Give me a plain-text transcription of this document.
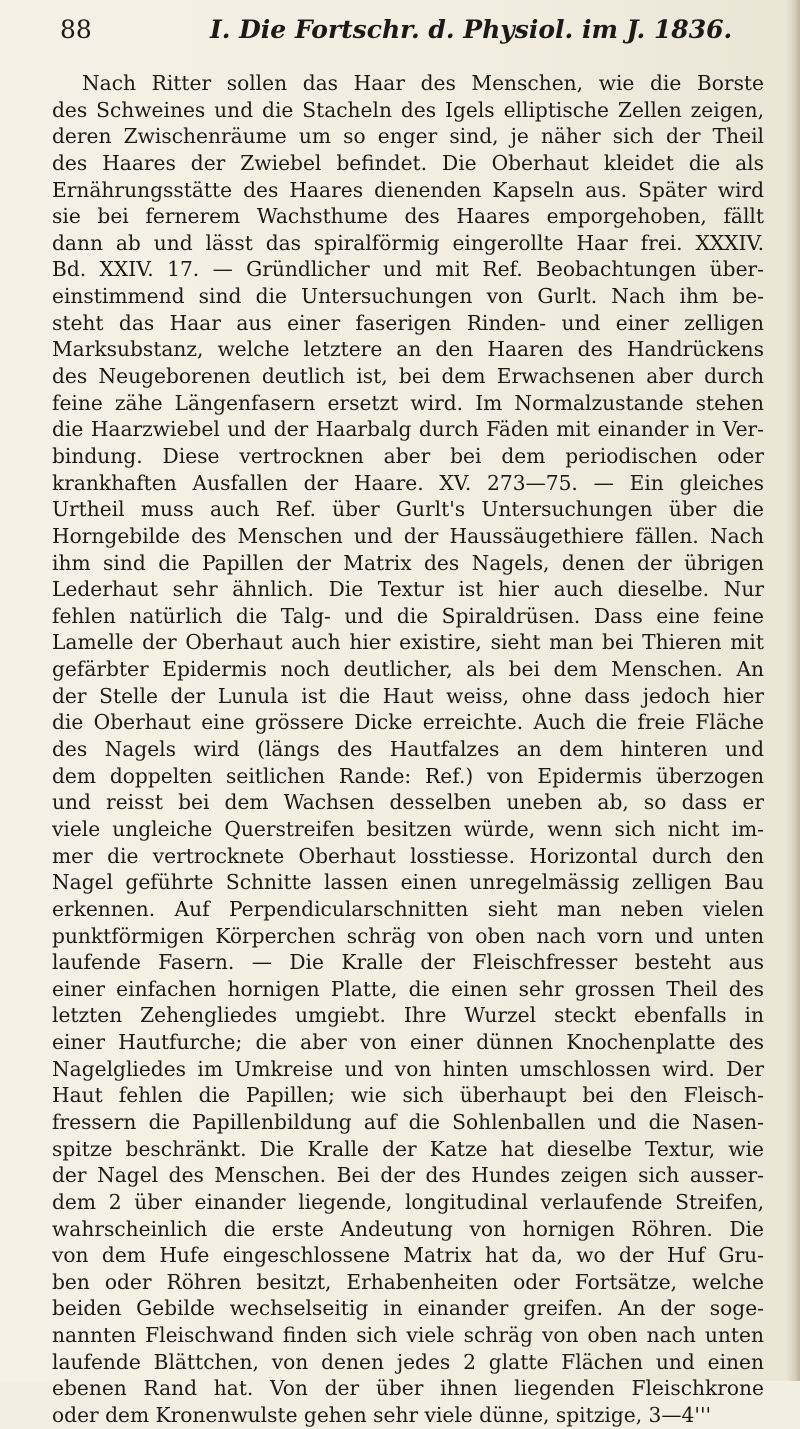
88	I. Die Fortschr. d. Physiol. im J. 1836.
Nach Ritter sollen das Haar des Menschen, wie die Borste
des Schweines und die Stacheln des Igels elliptische Zellen zeigen,
deren Zwischenräume um so enger sind, je näher sich der Theil
des Haares der Zwiebel befindet. Die Oberhaut kleidet die als
Ernährungsstätte des Haares dienenden Kapseln aus. Später wird
sie bei fernerem Wachsthume des Haares emporgehoben, fällt
dann ab und lässt das spiralförmig eingerollte Haar frei. XXXIV.
Bd. XXIV. 17. — Gründlicher und mit Ref. Beobachtungen über-
einstimmend sind die Untersuchungen von Gurlt. Nach ihm be-
steht das Haar aus einer faserigen Rinden- und einer zelligen
Marksubstanz, welche letztere an den Haaren des Handrückens
des Neugeborenen deutlich ist, bei dem Erwachsenen aber durch
feine zähe Längenfasern ersetzt wird. Im Normalzustande stehen
die Haarzwiebel und der Haarbalg durch Fäden mit einander in Ver-
bindung. Diese vertrocknen aber bei dem periodischen oder
krankhaften Ausfallen der Haare. XV. 273—75. — Ein gleiches
Urtheil muss auch Ref. über Gurlt's Untersuchungen über die
Horngebilde des Menschen und der Haussäugethiere fällen. Nach
ihm sind die Papillen der Matrix des Nagels, denen der übrigen
Lederhaut sehr ähnlich. Die Textur ist hier auch dieselbe. Nur
fehlen natürlich die Talg- und die Spiraldrüsen. Dass eine feine
Lamelle der Oberhaut auch hier existire, sieht man bei Thieren mit
gefärbter Epidermis noch deutlicher, als bei dem Menschen. An
der Stelle der Lunula ist die Haut weiss, ohne dass jedoch hier
die Oberhaut eine grössere Dicke erreichte. Auch die freie Fläche
des Nagels wird (längs des Hautfalzes an dem hinteren und
dem doppelten seitlichen Rande: Ref.) von Epidermis überzogen
und reisst bei dem Wachsen desselben uneben ab, so dass er
viele ungleiche Querstreifen besitzen würde, wenn sich nicht im-
mer die vertrocknete Oberhaut losstiesse. Horizontal durch den
Nagel geführte Schnitte lassen einen unregelmässig zelligen Bau
erkennen. Auf Perpendicularschnitten sieht man neben vielen
punktförmigen Körperchen schräg von oben nach vorn und unten
laufende Fasern. — Die Kralle der Fleischfresser besteht aus
einer einfachen hornigen Platte, die einen sehr grossen Theil des
letzten Zehengliedes umgiebt. Ihre Wurzel steckt ebenfalls in
einer Hautfurche; die aber von einer dünnen Knochenplatte des
Nagelgliedes im Umkreise und von hinten umschlossen wird. Der
Haut fehlen die Papillen; wie sich überhaupt bei den Fleisch-
fressern die Papillenbildung auf die Sohlenballen und die Nasen-
spitze beschränkt. Die Kralle der Katze hat dieselbe Textur, wie
der Nagel des Menschen. Bei der des Hundes zeigen sich ausser-
dem 2 über einander liegende, longitudinal verlaufende Streifen,
wahrscheinlich die erste Andeutung von hornigen Röhren. Die
von dem Hufe eingeschlossene Matrix hat da, wo der Huf Gru-
ben oder Röhren besitzt, Erhabenheiten oder Fortsätze, welche
beiden Gebilde wechselseitig in einander greifen. An der soge-
nannten Fleischwand finden sich viele schräg von oben nach unten
laufende Blättchen, von denen jedes 2 glatte Flächen und einen
ebenen Rand hat. Von der über ihnen liegenden Fleischkrone
oder dem Kronenwulste gehen sehr viele dünne, spitzige, 3—4'''
